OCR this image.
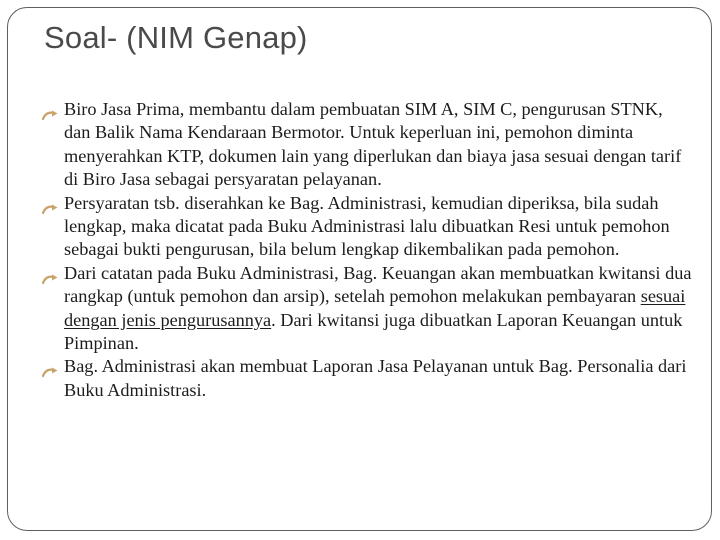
Soal- (NIM Genap)
Biro Jasa Prima, membantu dalam pembuatan SIM A, SIM C, pengurusan STNK, dan Balik Nama Kendaraan Bermotor. Untuk keperluan ini, pemohon diminta menyerahkan KTP, dokumen lain yang diperlukan dan biaya jasa sesuai dengan tarif di Biro Jasa sebagai persyaratan pelayanan.
Persyaratan tsb. diserahkan ke Bag. Administrasi, kemudian diperiksa, bila sudah lengkap, maka dicatat pada Buku Administrasi lalu dibuatkan Resi untuk pemohon sebagai bukti pengurusan, bila belum lengkap dikembalikan pada pemohon.
Dari catatan pada Buku Administrasi, Bag. Keuangan akan membuatkan kwitansi dua rangkap (untuk pemohon dan arsip), setelah pemohon melakukan pembayaran sesuai dengan jenis pengurusannya. Dari kwitansi juga dibuatkan Laporan Keuangan untuk Pimpinan.
Bag. Administrasi akan membuat Laporan Jasa Pelayanan untuk Bag. Personalia dari Buku Administrasi.
